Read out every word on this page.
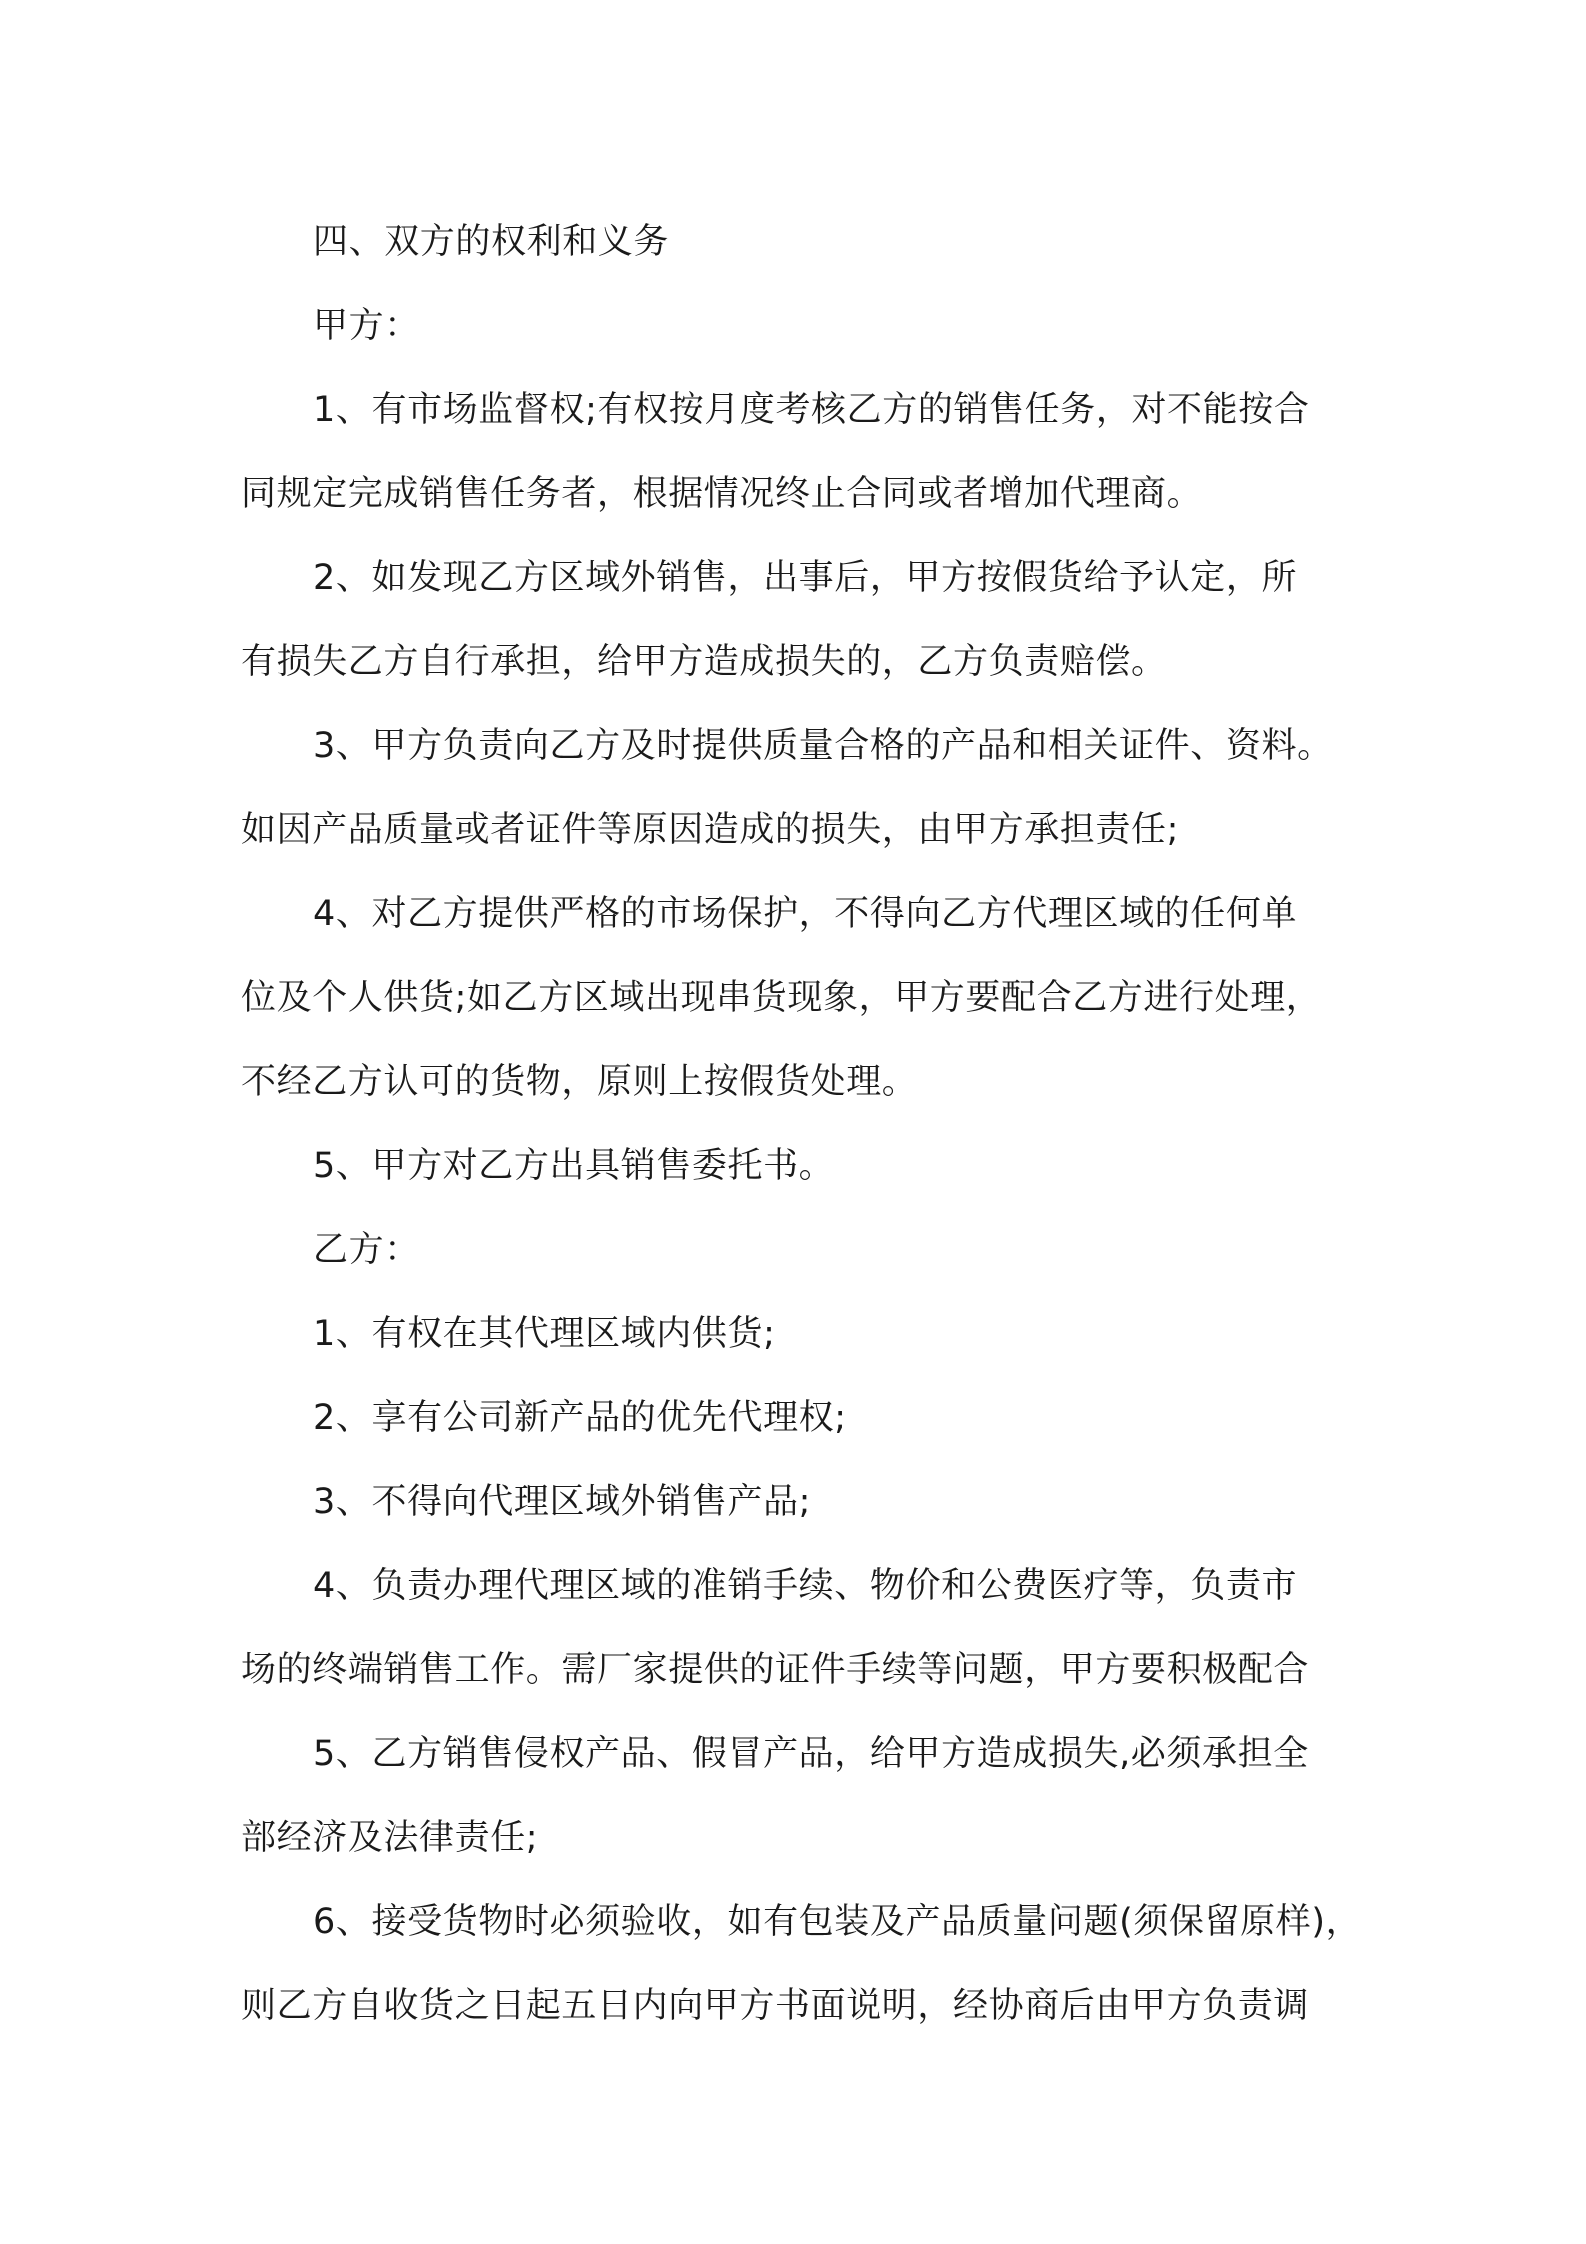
四、双方的权利和义务
甲方：
1、有市场监督权;有权按月度考核乙方的销售任务，对不能按合
同规定完成销售任务者，根据情况终止合同或者增加代理商。
2、如发现乙方区域外销售，出事后，甲方按假货给予认定，所
有损失乙方自行承担，给甲方造成损失的，乙方负责赔偿。
3、甲方负责向乙方及时提供质量合格的产品和相关证件、资料。
如因产品质量或者证件等原因造成的损失，由甲方承担责任;
4、对乙方提供严格的市场保护，不得向乙方代理区域的任何单
位及个人供货;如乙方区域出现串货现象，甲方要配合乙方进行处理，
不经乙方认可的货物，原则上按假货处理。
5、甲方对乙方出具销售委托书。
乙方：
1、有权在其代理区域内供货;
2、享有公司新产品的优先代理权;
3、不得向代理区域外销售产品;
4、负责办理代理区域的准销手续、物价和公费医疗等，负责市
场的终端销售工作。需厂家提供的证件手续等问题，甲方要积极配合
5、乙方销售侵权产品、假冒产品，给甲方造成损失,必须承担全
部经济及法律责任;
6、接受货物时必须验收，如有包装及产品质量问题(须保留原样)，
则乙方自收货之日起五日内向甲方书面说明，经协商后由甲方负责调
